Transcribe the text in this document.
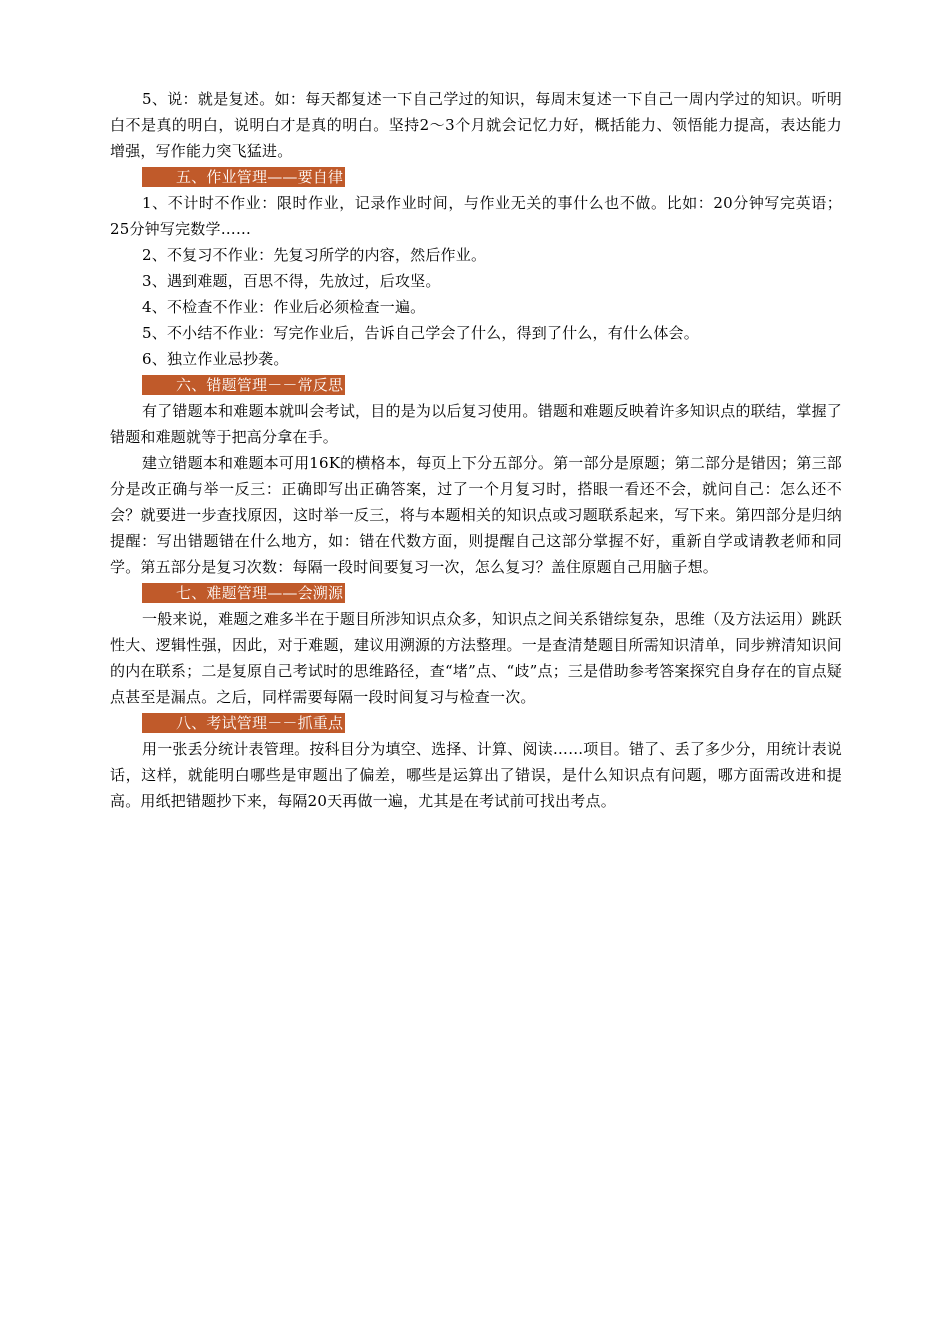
5、说：就是复述。如：每天都复述一下自己学过的知识，每周末复述一下自己一周内学过的知识。听明白不是真的明白，说明白才是真的明白。坚持2～3个月就会记忆力好，概括能力、领悟能力提高，表达能力增强，写作能力突飞猛进。

五、作业管理——要自律

1、不计时不作业：限时作业，记录作业时间，与作业无关的事什么也不做。比如：20分钟写完英语；25分钟写完数学……

2、不复习不作业：先复习所学的内容，然后作业。

3、遇到难题，百思不得，先放过，后攻坚。

4、不检查不作业：作业后必须检查一遍。

5、不小结不作业：写完作业后，告诉自己学会了什么，得到了什么，有什么体会。

6、独立作业忌抄袭。

六、错题管理－－常反思

有了错题本和难题本就叫会考试，目的是为以后复习使用。错题和难题反映着许多知识点的联结，掌握了错题和难题就等于把高分拿在手。

建立错题本和难题本可用16K的横格本，每页上下分五部分。第一部分是原题；第二部分是错因；第三部分是改正确与举一反三：正确即写出正确答案，过了一个月复习时，搭眼一看还不会，就问自己：怎么还不会？就要进一步查找原因，这时举一反三，将与本题相关的知识点或习题联系起来，写下来。第四部分是归纳提醒：写出错题错在什么地方，如：错在代数方面，则提醒自己这部分掌握不好，重新自学或请教老师和同学。第五部分是复习次数：每隔一段时间要复习一次，怎么复习？盖住原题自己用脑子想。

七、难题管理——会溯源

一般来说，难题之难多半在于题目所涉知识点众多，知识点之间关系错综复杂，思维（及方法运用）跳跃性大、逻辑性强，因此，对于难题，建议用溯源的方法整理。一是查清楚题目所需知识清单，同步辨清知识间的内在联系；二是复原自己考试时的思维路径，查“堵”点、“歧”点；三是借助参考答案探究自身存在的盲点疑点甚至是漏点。之后，同样需要每隔一段时间复习与检查一次。

八、考试管理－－抓重点

用一张丢分统计表管理。按科目分为填空、选择、计算、阅读……项目。错了、丢了多少分，用统计表说话，这样，就能明白哪些是审题出了偏差，哪些是运算出了错误，是什么知识点有问题，哪方面需改进和提高。用纸把错题抄下来，每隔20天再做一遍，尤其是在考试前可找出考点。
